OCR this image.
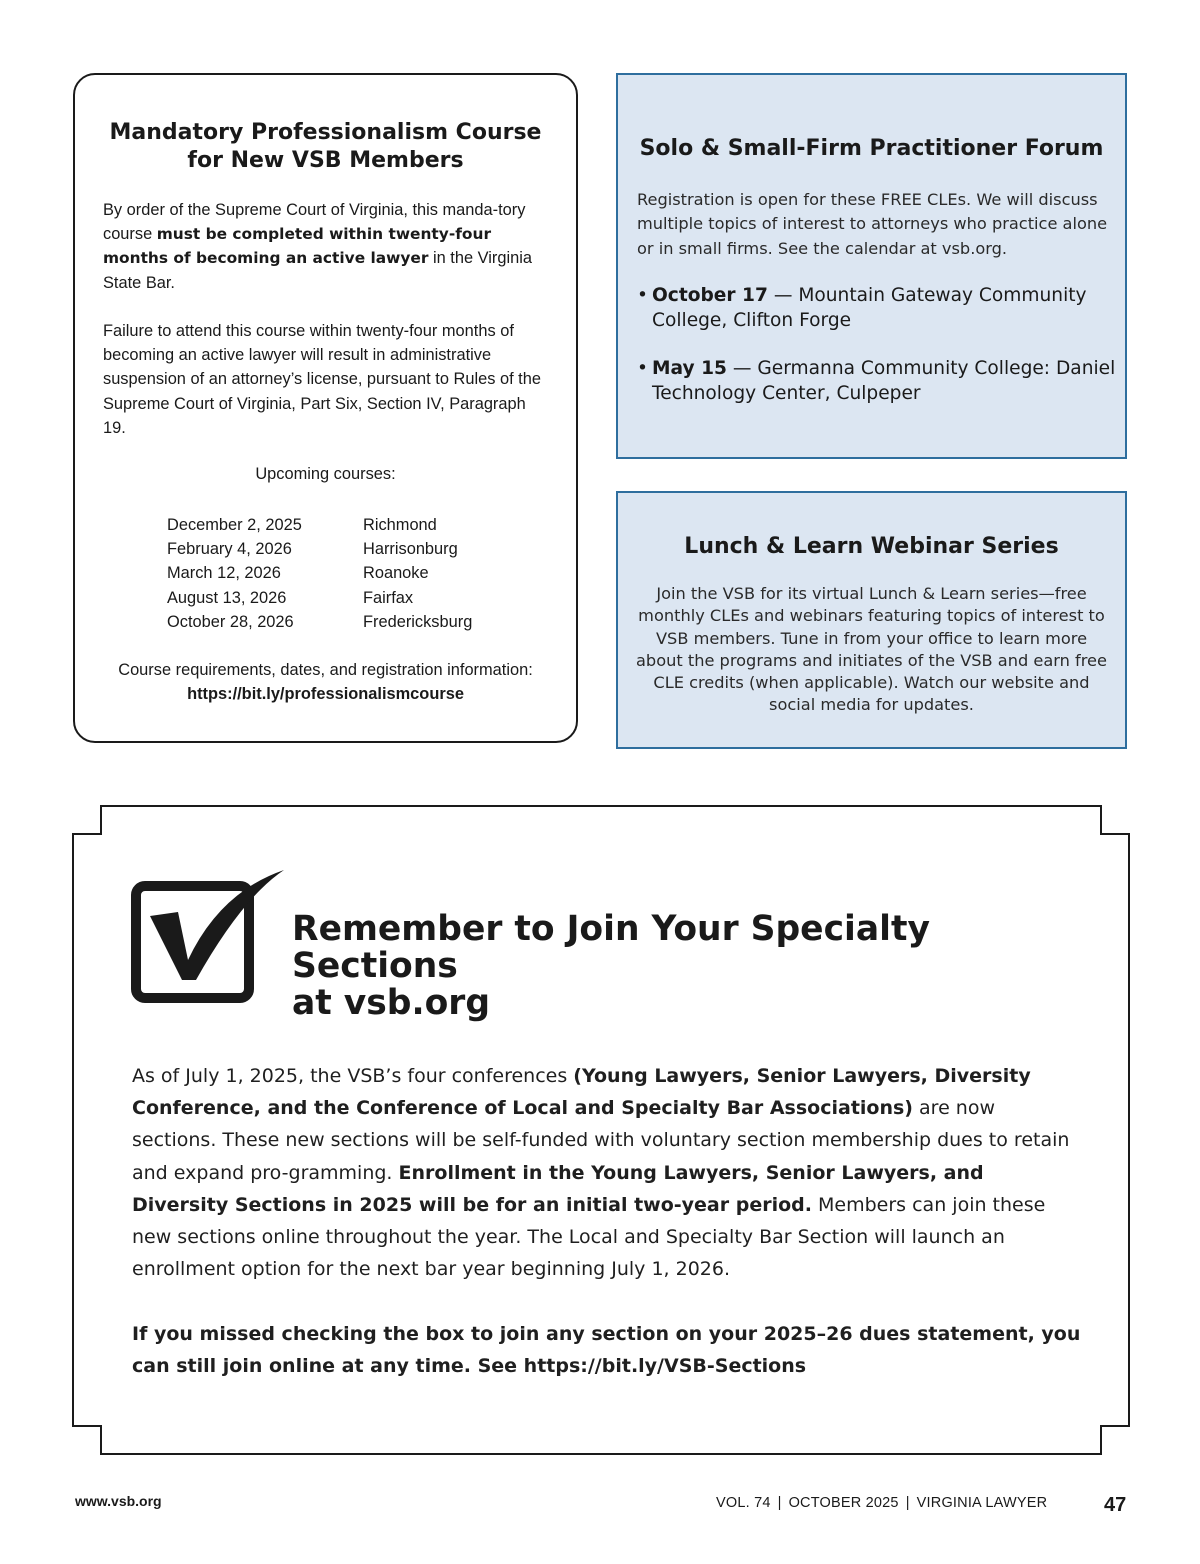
Mandatory Professionalism Course
for New VSB Members
By order of the Supreme Court of Virginia, this manda-tory course must be completed within twenty-four months of becoming an active lawyer in the Virginia State Bar.
Failure to attend this course within twenty-four months of becoming an active lawyer will result in administrative suspension of an attorney’s license, pursuant to Rules of the Supreme Court of Virginia, Part Six, Section IV, Paragraph 19.
Upcoming courses:
December 2, 2025	Richmond
February 4, 2026	Harrisonburg
March 12, 2026	Roanoke
August 13, 2026	Fairfax
October 28, 2026	Fredericksburg
Course requirements, dates, and registration information:
https://bit.ly/professionalismcourse
Solo & Small-Firm Practitioner Forum
Registration is open for these FREE CLEs. We will discuss multiple topics of interest to attorneys who practice alone or in small firms. See the calendar at vsb.org.
• October 17 — Mountain Gateway Community College, Clifton Forge
• May 15 — Germanna Community College: Daniel Technology Center, Culpeper
Lunch & Learn Webinar Series
Join the VSB for its virtual Lunch & Learn series—free monthly CLEs and webinars featuring topics of interest to VSB members. Tune in from your office to learn more about the programs and initiates of the VSB and earn free CLE credits (when applicable). Watch our website and social media for updates.
Remember to Join Your Specialty Sections
at vsb.org
As of July 1, 2025, the VSB’s four conferences (Young Lawyers, Senior Lawyers, Diversity Conference, and the Conference of Local and Specialty Bar Associations) are now sections. These new sections will be self-funded with voluntary section membership dues to retain and expand pro-gramming. Enrollment in the Young Lawyers, Senior Lawyers, and Diversity Sections in 2025 will be for an initial two-year period. Members can join these new sections online throughout the year. The Local and Specialty Bar Section will launch an enrollment option for the next bar year beginning July 1, 2026.
If you missed checking the box to join any section on your 2025–26 dues statement, you can still join online at any time. See https://bit.ly/VSB-Sections
www.vsb.org	VOL. 74 | OCTOBER 2025 | VIRGINIA LAWYER	47
